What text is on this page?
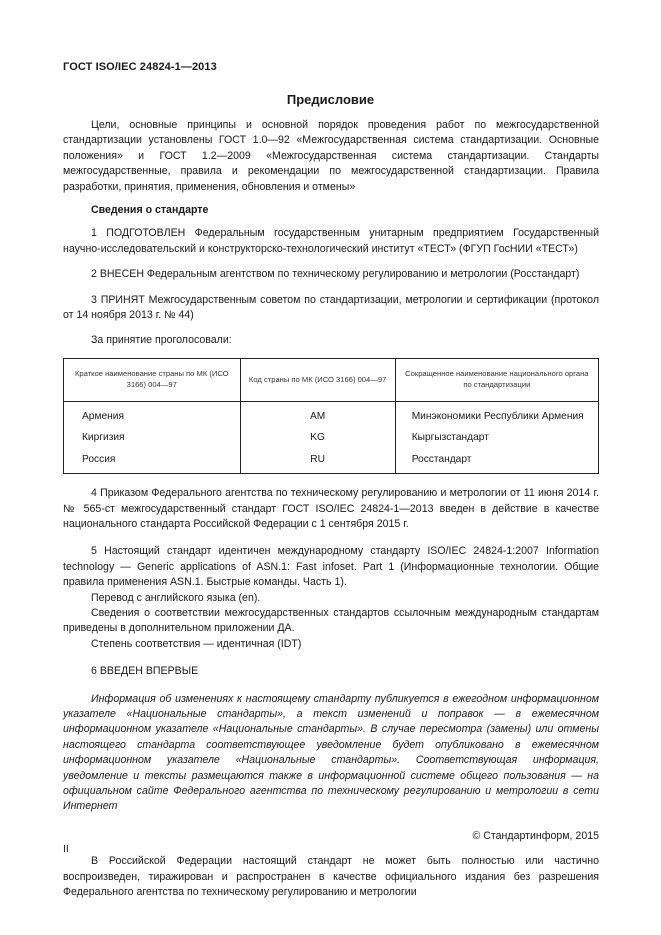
ГОСТ ISO/IEC 24824-1—2013
Предисловие

Цели, основные принципы и основной порядок проведения работ по межгосударственной стандартизации установлены ГОСТ 1.0—92 «Межгосударственная система стандартизации. Основные положения» и ГОСТ 1.2—2009 «Межгосударственная система стандартизации. Стандарты межгосударственные, правила и рекомендации по межгосударственной стандартизации. Правила разработки, принятия, применения, обновления и отмены»

Сведения о стандарте

1 ПОДГОТОВЛЕН Федеральным государственным унитарным предприятием Государственный научно-исследовательский и конструкторско-технологический институт «ТЕСТ» (ФГУП ГосНИИ «ТЕСТ»)

2 ВНЕСЕН Федеральным агентством по техническому регулированию и метрологии (Росстандарт)

3 ПРИНЯТ Межгосударственным советом по стандартизации, метрологии и сертификации (протокол от 14 ноября 2013 г. № 44)

За принятие проголосовали:

Краткое наименование страны по МК (ИСО 3166) 004—97	Код страны по МК (ИСО 3166) 004—97	Сокращенное наименование национального органа по стандартизации
Армения	AM	Минэкономики Республики Армения
Киргизия	KG	Кыргызстандарт
Россия	RU	Росстандарт

4 Приказом Федерального агентства по техническому регулированию и метрологии от 11 июня 2014 г. № 565-ст межгосударственный стандарт ГОСТ ISO/IEC 24824-1—2013 введен в действие в качестве национального стандарта Российской Федерации с 1 сентября 2015 г.

5 Настоящий стандарт идентичен международному стандарту ISO/IEC 24824-1:2007 Information technology — Generic applications of ASN.1: Fast infoset. Part 1 (Информационные технологии. Общие правила применения ASN.1. Быстрые команды. Часть 1).

Перевод с английского языка (en).

Сведения о соответствии межгосударственных стандартов ссылочным международным стандартам приведены в дополнительном приложении ДА.

Степень соответствия — идентичная (IDT)

6 ВВЕДЕН ВПЕРВЫЕ

Информация об изменениях к настоящему стандарту публикуется в ежегодном информационном указателе «Национальные стандарты», а текст изменений и поправок — в ежемесячном информационном указателе «Национальные стандарты». В случае пересмотра (замены) или отмены настоящего стандарта соответствующее уведомление будет опубликовано в ежемесячном информационном указателе «Национальные стандарты». Соответствующая информация, уведомление и тексты размещаются также в информационной системе общего пользования — на официальном сайте Федерального агентства по техническому регулированию и метрологии в сети Интернет

© Стандартинформ, 2015

В Российской Федерации настоящий стандарт не может быть полностью или частично воспроизведен, тиражирован и распространен в качестве официального издания без разрешения Федерального агентства по техническому регулированию и метрологии

II
